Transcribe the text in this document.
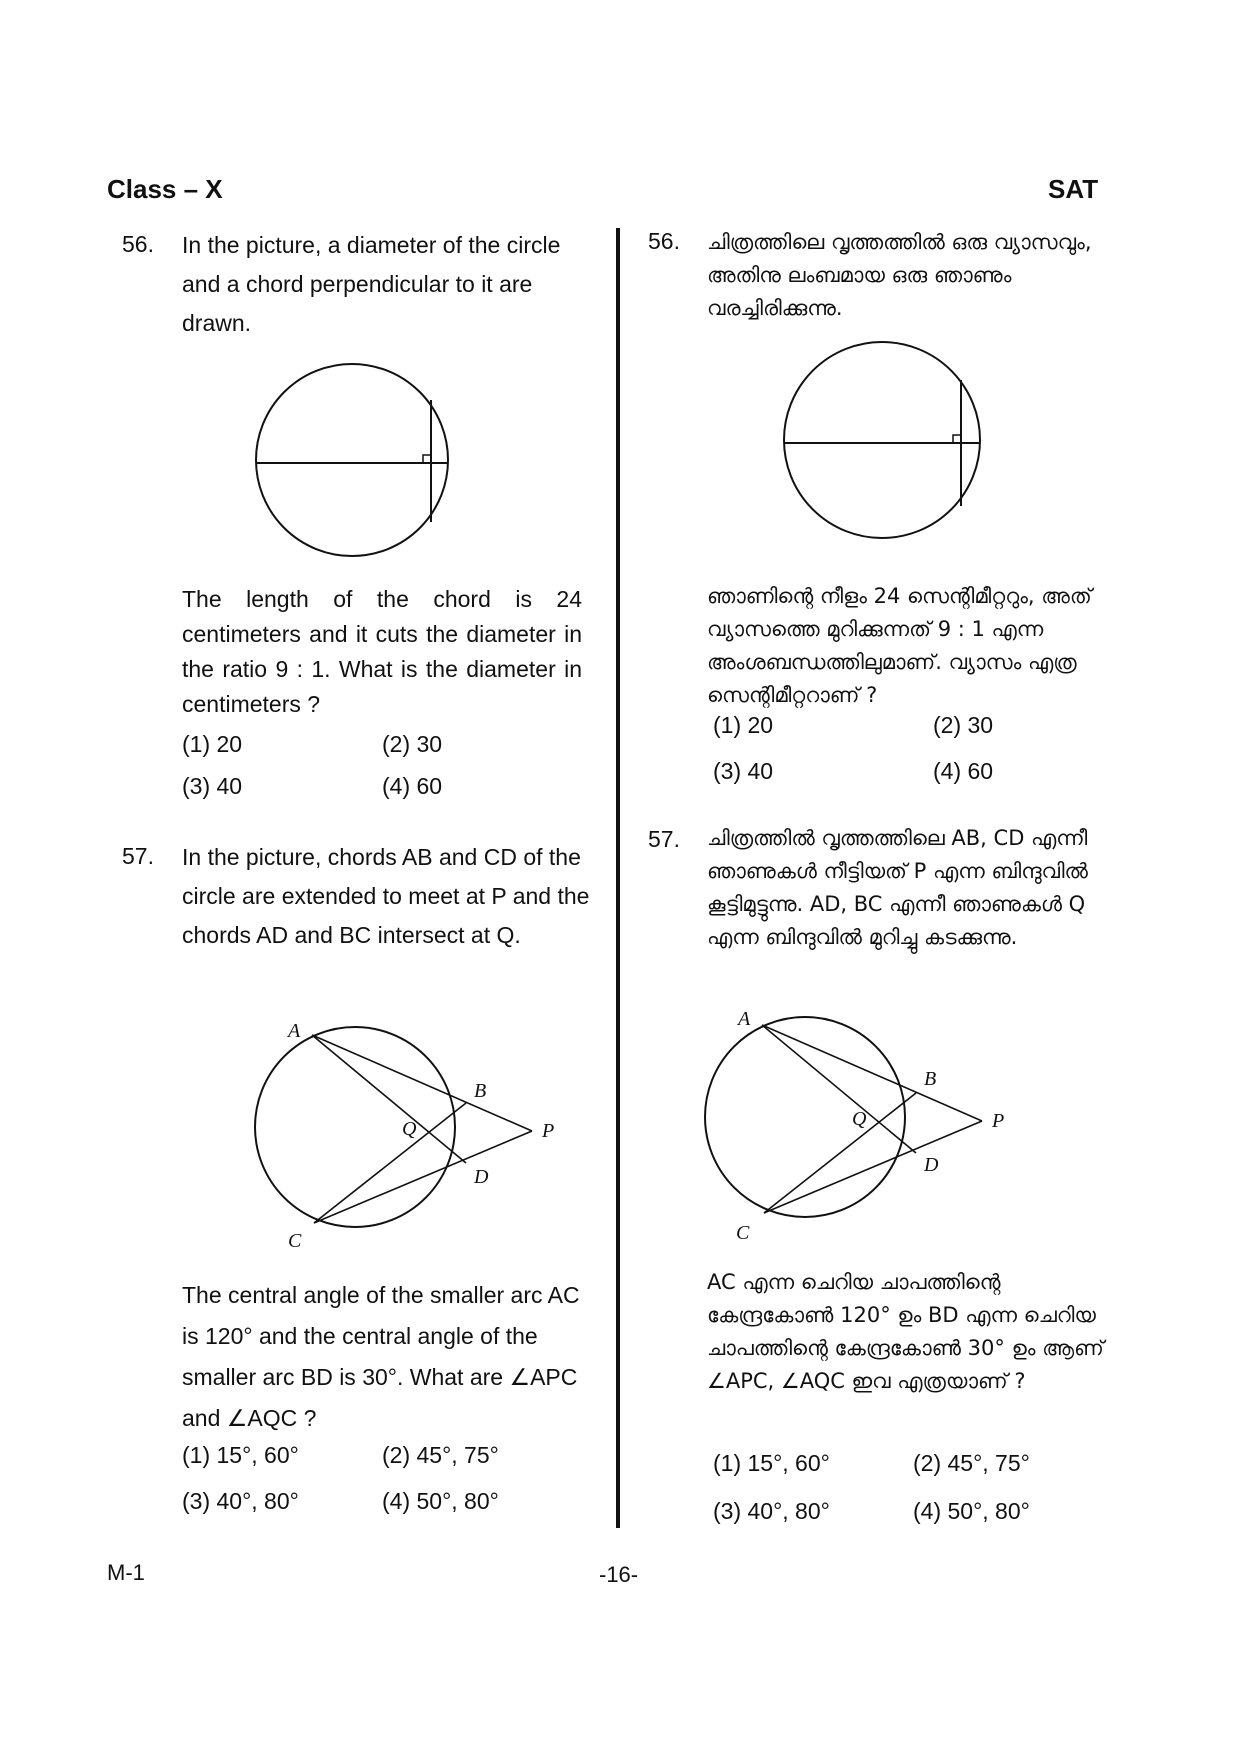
Class – X	SAT
56. In the picture, a diameter of the circle and a chord perpendicular to it are drawn.
The length of the chord is 24 centimeters and it cuts the diameter in the ratio 9 : 1. What is the diameter in centimeters ?
(1) 20	(2) 30
(3) 40	(4) 60
57. In the picture, chords AB and CD of the circle are extended to meet at P and the chords AD and BC intersect at Q.
A
B
C
D
P
Q
The central angle of the smaller arc AC is 120° and the central angle of the smaller arc BD is 30°. What are ∠APC and ∠AQC ?
(1) 15°, 60°	(2) 45°, 75°
(3) 40°, 80°	(4) 50°, 80°
56. ചിത്രത്തിലെ വൃത്തത്തിൽ ഒരു വ്യാസവും, അതിനു ലംബമായ ഒരു ഞാണും വരച്ചിരിക്കുന്നു.
ഞാണിന്റെ നീളം 24 സെന്റിമീറ്ററും, അത് വ്യാസത്തെ മുറിക്കുന്നത് 9 : 1 എന്ന അംശബന്ധത്തിലുമാണ്. വ്യാസം എത്ര സെന്റിമീറ്ററാണ് ?
(1) 20	(2) 30
(3) 40	(4) 60
57. ചിത്രത്തിൽ വൃത്തത്തിലെ AB, CD എന്നീ ഞാണുകൾ നീട്ടിയത് P എന്ന ബിന്ദുവിൽ കൂട്ടിമുട്ടുന്നു. AD, BC എന്നീ ഞാണുകൾ Q എന്ന ബിന്ദുവിൽ മുറിച്ചു കടക്കുന്നു.
A
B
C
D
P
Q
AC എന്ന ചെറിയ ചാപത്തിന്റെ കേന്ദ്രകോൺ 120° ഉം BD എന്ന ചെറിയ ചാപത്തിന്റെ കേന്ദ്രകോൺ 30° ഉം ആണ് ∠APC, ∠AQC ഇവ എത്രയാണ് ?
(1) 15°, 60°	(2) 45°, 75°
(3) 40°, 80°	(4) 50°, 80°
M-1	-16-
